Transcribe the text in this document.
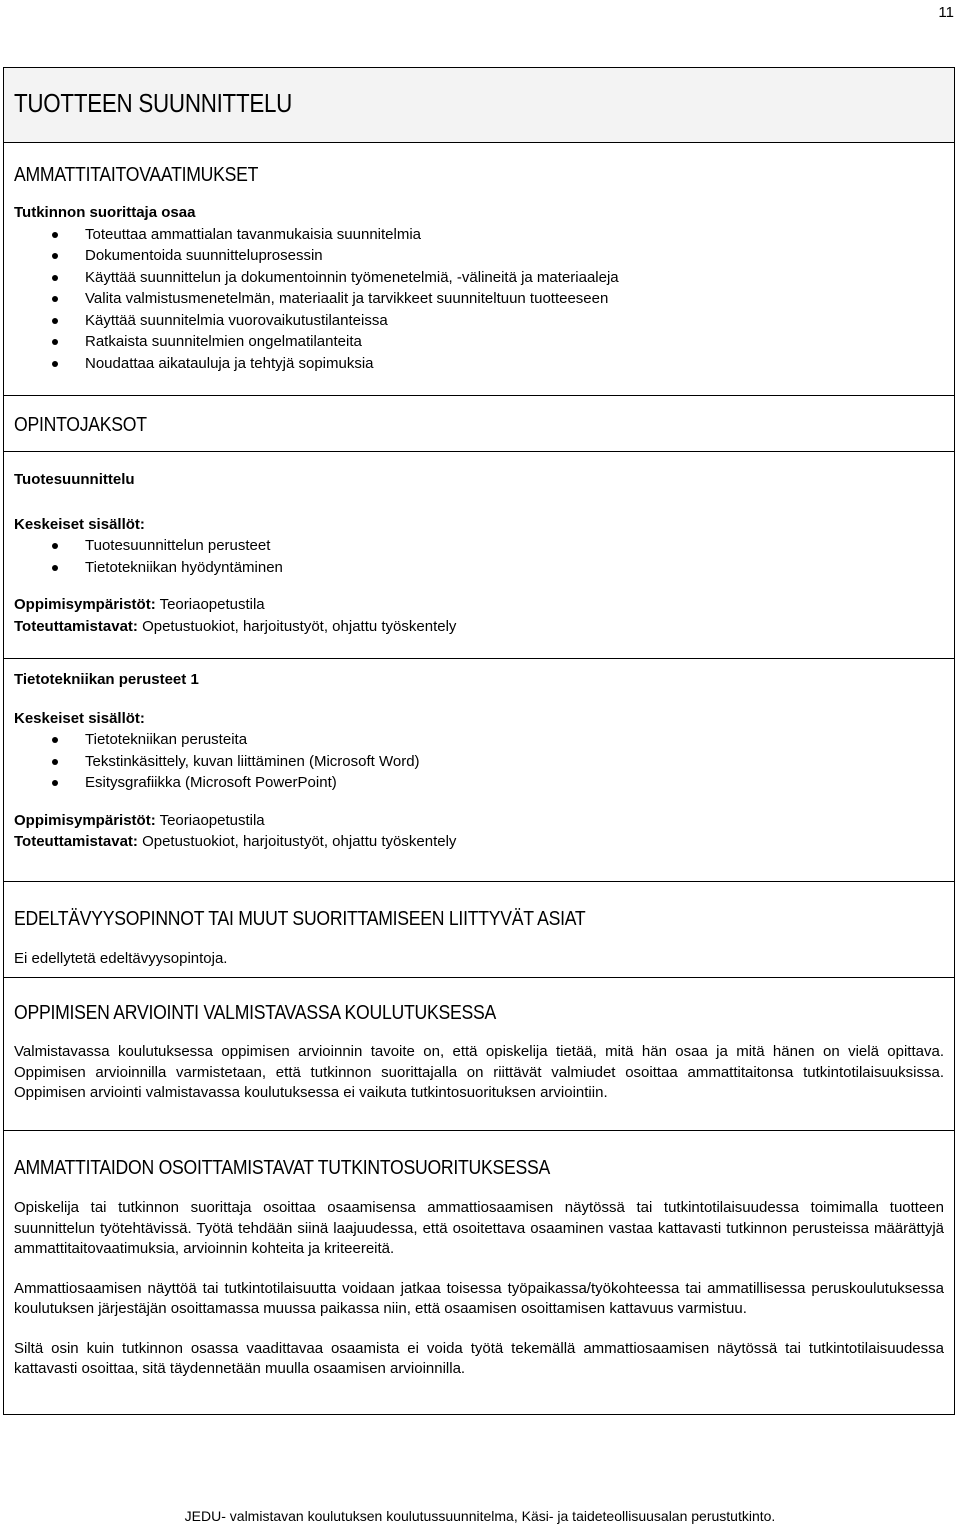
11
TUOTTEEN SUUNNITTELU
AMMATTITAITOVAATIMUKSET
Tutkinnon suorittaja osaa
Toteuttaa ammattialan tavanmukaisia suunnitelmia
Dokumentoida suunnitteluprosessin
Käyttää suunnittelun ja dokumentoinnin työmenetelmiä, -välineitä ja materiaaleja
Valita valmistusmenetelmän, materiaalit ja tarvikkeet suunniteltuun tuotteeseen
Käyttää suunnitelmia vuorovaikutustilanteissa
Ratkaista suunnitelmien ongelmatilanteita
Noudattaa aikatauluja ja tehtyjä sopimuksia
OPINTOJAKSOT
Tuotesuunnittelu
Keskeiset sisällöt:
Tuotesuunnittelun perusteet
Tietotekniikan hyödyntäminen
Oppimisympäristöt: Teoriaopetustila
Toteuttamistavat: Opetustuokiot, harjoitustyöt, ohjattu työskentely
Tietotekniikan perusteet 1
Keskeiset sisällöt:
Tietotekniikan perusteita
Tekstinkäsittely, kuvan liittäminen (Microsoft Word)
Esitysgrafiikka (Microsoft PowerPoint)
Oppimisympäristöt: Teoriaopetustila
Toteuttamistavat: Opetustuokiot, harjoitustyöt, ohjattu työskentely
EDELTÄVYYSOPINNOT TAI MUUT SUORITTAMISEEN LIITTYVÄT ASIAT
Ei edellytetä edeltävyysopintoja.
OPPIMISEN ARVIOINTI VALMISTAVASSA KOULUTUKSESSA

Valmistavassa koulutuksessa oppimisen arvioinnin tavoite on, että opiskelija tietää, mitä hän osaa ja mitä hänen on vielä opittava. Oppimisen arvioinnilla varmistetaan, että tutkinnon suorittajalla on riittävät valmiudet osoittaa ammattitaitonsa tutkintotilaisuuksissa. Oppimisen arviointi valmistavassa koulutuksessa ei vaikuta tutkintosuorituksen arviointiin.

AMMATTITAIDON OSOITTAMISTAVAT TUTKINTOSUORITUKSESSA

Opiskelija tai tutkinnon suorittaja osoittaa osaamisensa ammattiosaamisen näytössä tai tutkintotilaisuudessa toimimalla tuotteen suunnittelun työtehtävissä. Työtä tehdään siinä laajuudessa, että osoitettava osaaminen vastaa kattavasti tutkinnon perusteissa määrättyjä ammattitaitovaatimuksia, arvioinnin kohteita ja kriteereitä.

Ammattiosaamisen näyttöä tai tutkintotilaisuutta voidaan jatkaa toisessa työpaikassa/työkohteessa tai ammatillisessa peruskoulutuksessa koulutuksen järjestäjän osoittamassa muussa paikassa niin, että osaamisen osoittamisen kattavuus varmistuu.

Siltä osin kuin tutkinnon osassa vaadittavaa osaamista ei voida työtä tekemällä ammattiosaamisen näytössä tai tutkintotilaisuudessa kattavasti osoittaa, sitä täydennetään muulla osaamisen arvioinnilla.

JEDU- valmistavan koulutuksen koulutussuunnitelma, Käsi- ja taideteollisuusalan perustutkinto.
